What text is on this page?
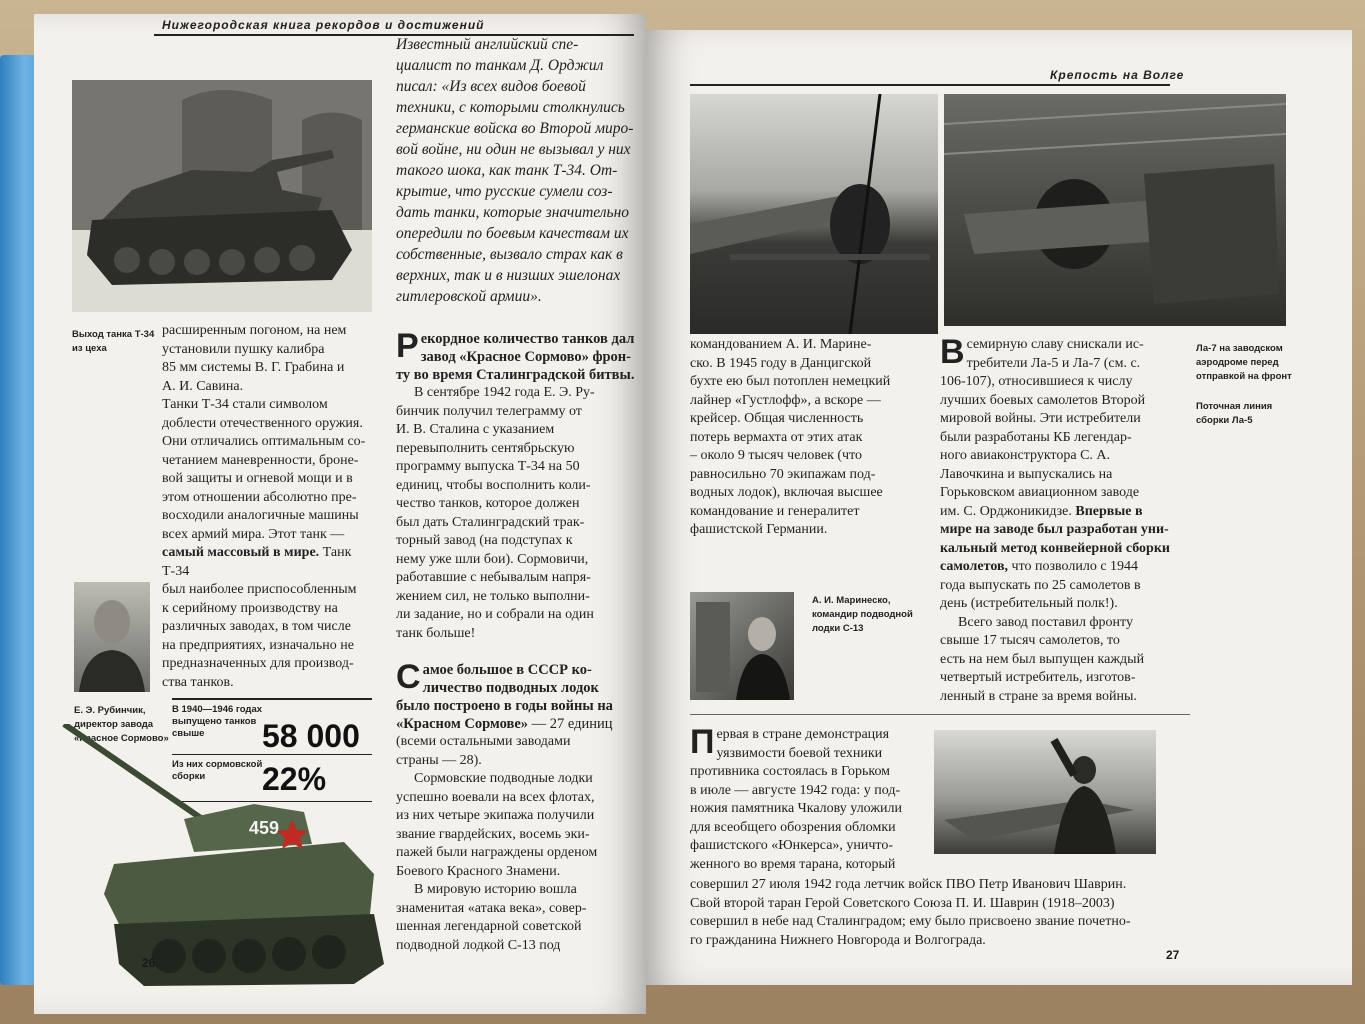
Нижегородская книга рекордов и достижений
Выход танка Т-34
из цеха
Известный английский спе-
циалист по танкам Д. Орджил
писал: «Из всех видов боевой
техники, с которыми столкнулись
германские войска во Второй миро-
вой войне, ни один не вызывал у них
такого шока, как танк Т-34. От-
крытие, что русские сумели соз-
дать танки, которые значительно
опередили по боевым качествам их
собственные, вызвало страх как в
верхних, так и в низших эшелонах
гитлеровской армии».
расширенным погоном, на нем
установили пушку калибра
85 мм системы В. Г. Грабина и
А. И. Савина.
Танки Т-34 стали символом
доблести отечественного оружия.
Они отличались оптимальным со-
четанием маневренности, броне-
вой защиты и огневой мощи и в
этом отношении абсолютно пре-
восходили аналогичные машины
всех армий мира. Этот танк —
самый массовый в мире. Танк Т-34
был наиболее приспособленным
к серийному производству на
различных заводах, в том числе
на предприятиях, изначально не
предназначенных для производ-
ства танков.
Е. Э. Рубинчик,
директор завода
«Красное Сормово»
В 1940—1946 годах
выпущено танков
свыше	58 000
Из них сормовской
сборки	22%
459
Р екордное количество танков дал
завод «Красное Сормово» фрон-
ту во время Сталинградской битвы.
В сентябре 1942 года Е. Э. Ру-
бинчик получил телеграмму от
И. В. Сталина с указанием
перевыполнить сентябрьскую
программу выпуска Т-34 на 50
единиц, чтобы восполнить коли-
чество танков, которое должен
был дать Сталинградский трак-
торный завод (на подступах к
нему уже шли бои). Сормовичи,
работавшие с небывалым напря-
жением сил, не только выполни-
ли задание, но и собрали на один
танк больше!
С амое большое в СССР ко-
личество подводных лодок
было построено в годы войны на
«Красном Сормове» — 27 единиц
(всеми остальными заводами
страны — 28).
Сормовские подводные лодки
успешно воевали на всех флотах,
из них четыре экипажа получили
звание гвардейских, восемь эки-
пажей были награждены орденом
Боевого Красного Знамени.
В мировую историю вошла
знаменитая «атака века», совер-
шенная легендарной советской
подводной лодкой С-13 под
26
Крепость на Волге
Ла-7 на заводском
аэродроме перед
отправкой на фронт
Поточная линия
сборки Ла-5
командованием А. И. Марине-
ско. В 1945 году в Данцигской
бухте ею был потоплен немецкий
лайнер «Густлофф», а вскоре —
крейсер. Общая численность
потерь вермахта от этих атак
– около 9 тысяч человек (что
равносильно 70 экипажам под-
водных лодок), включая высшее
командование и генералитет
фашистской Германии.
А. И. Маринеско,
командир подводной
лодки С-13
В семирную славу снискали ис-
требители Ла-5 и Ла-7 (см. с.
106-107), относившиеся к числу
лучших боевых самолетов Второй
мировой войны. Эти истребители
были разработаны КБ легендар-
ного авиаконструктора С. А.
Лавочкина и выпускались на
Горьковском авиационном заводе
им. С. Орджоникидзе. Впервые в
мире на заводе был разработан уни-
кальный метод конвейерной сборки
самолетов, что позволило с 1944
года выпускать по 25 самолетов в
день (истребительный полк!).
Всего завод поставил фронту
свыше 17 тысяч самолетов, то
есть на нем был выпущен каждый
четвертый истребитель, изготов-
ленный в стране за время войны.
П ервая в стране демонстрация
уязвимости боевой техники
противника состоялась в Горьком
в июле — августе 1942 года: у под-
ножия памятника Чкалову уложили
для всеобщего обозрения обломки
фашистского «Юнкерса», уничто-
женного во время тарана, который
совершил 27 июля 1942 года летчик войск ПВО Петр Иванович Шаврин.
Свой второй таран Герой Советского Союза П. И. Шаврин (1918–2003)
совершил в небе над Сталинградом; ему было присвоено звание почетно-
го гражданина Нижнего Новгорода и Волгограда.
27
